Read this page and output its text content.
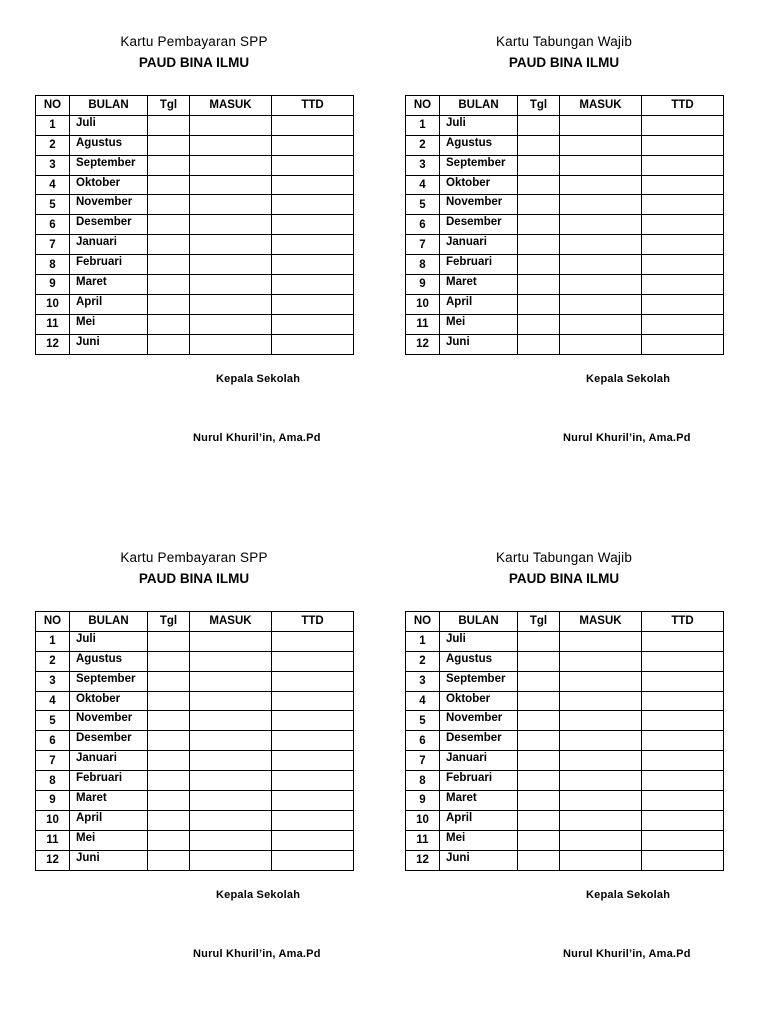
Kartu Pembayaran SPP
PAUD BINA ILMU
NO	BULAN	Tgl	MASUK	TTD
1	Juli			
2	Agustus			
3	September			
4	Oktober			
5	November			
6	Desember			
7	Januari			
8	Februari			
9	Maret			
10	April			
11	Mei			
12	Juni			
Kepala Sekolah
Nurul Khuril’in, Ama.Pd
Kartu Tabungan Wajib
PAUD BINA ILMU
NO	BULAN	Tgl	MASUK	TTD
1	Juli			
2	Agustus			
3	September			
4	Oktober			
5	November			
6	Desember			
7	Januari			
8	Februari			
9	Maret			
10	April			
11	Mei			
12	Juni			
Kepala Sekolah
Nurul Khuril’in, Ama.Pd
Kartu Pembayaran SPP
PAUD BINA ILMU
NO	BULAN	Tgl	MASUK	TTD
1	Juli			
2	Agustus			
3	September			
4	Oktober			
5	November			
6	Desember			
7	Januari			
8	Februari			
9	Maret			
10	April			
11	Mei			
12	Juni			
Kepala Sekolah
Nurul Khuril’in, Ama.Pd
Kartu Tabungan Wajib
PAUD BINA ILMU
NO	BULAN	Tgl	MASUK	TTD
1	Juli			
2	Agustus			
3	September			
4	Oktober			
5	November			
6	Desember			
7	Januari			
8	Februari			
9	Maret			
10	April			
11	Mei			
12	Juni			
Kepala Sekolah
Nurul Khuril’in, Ama.Pd
